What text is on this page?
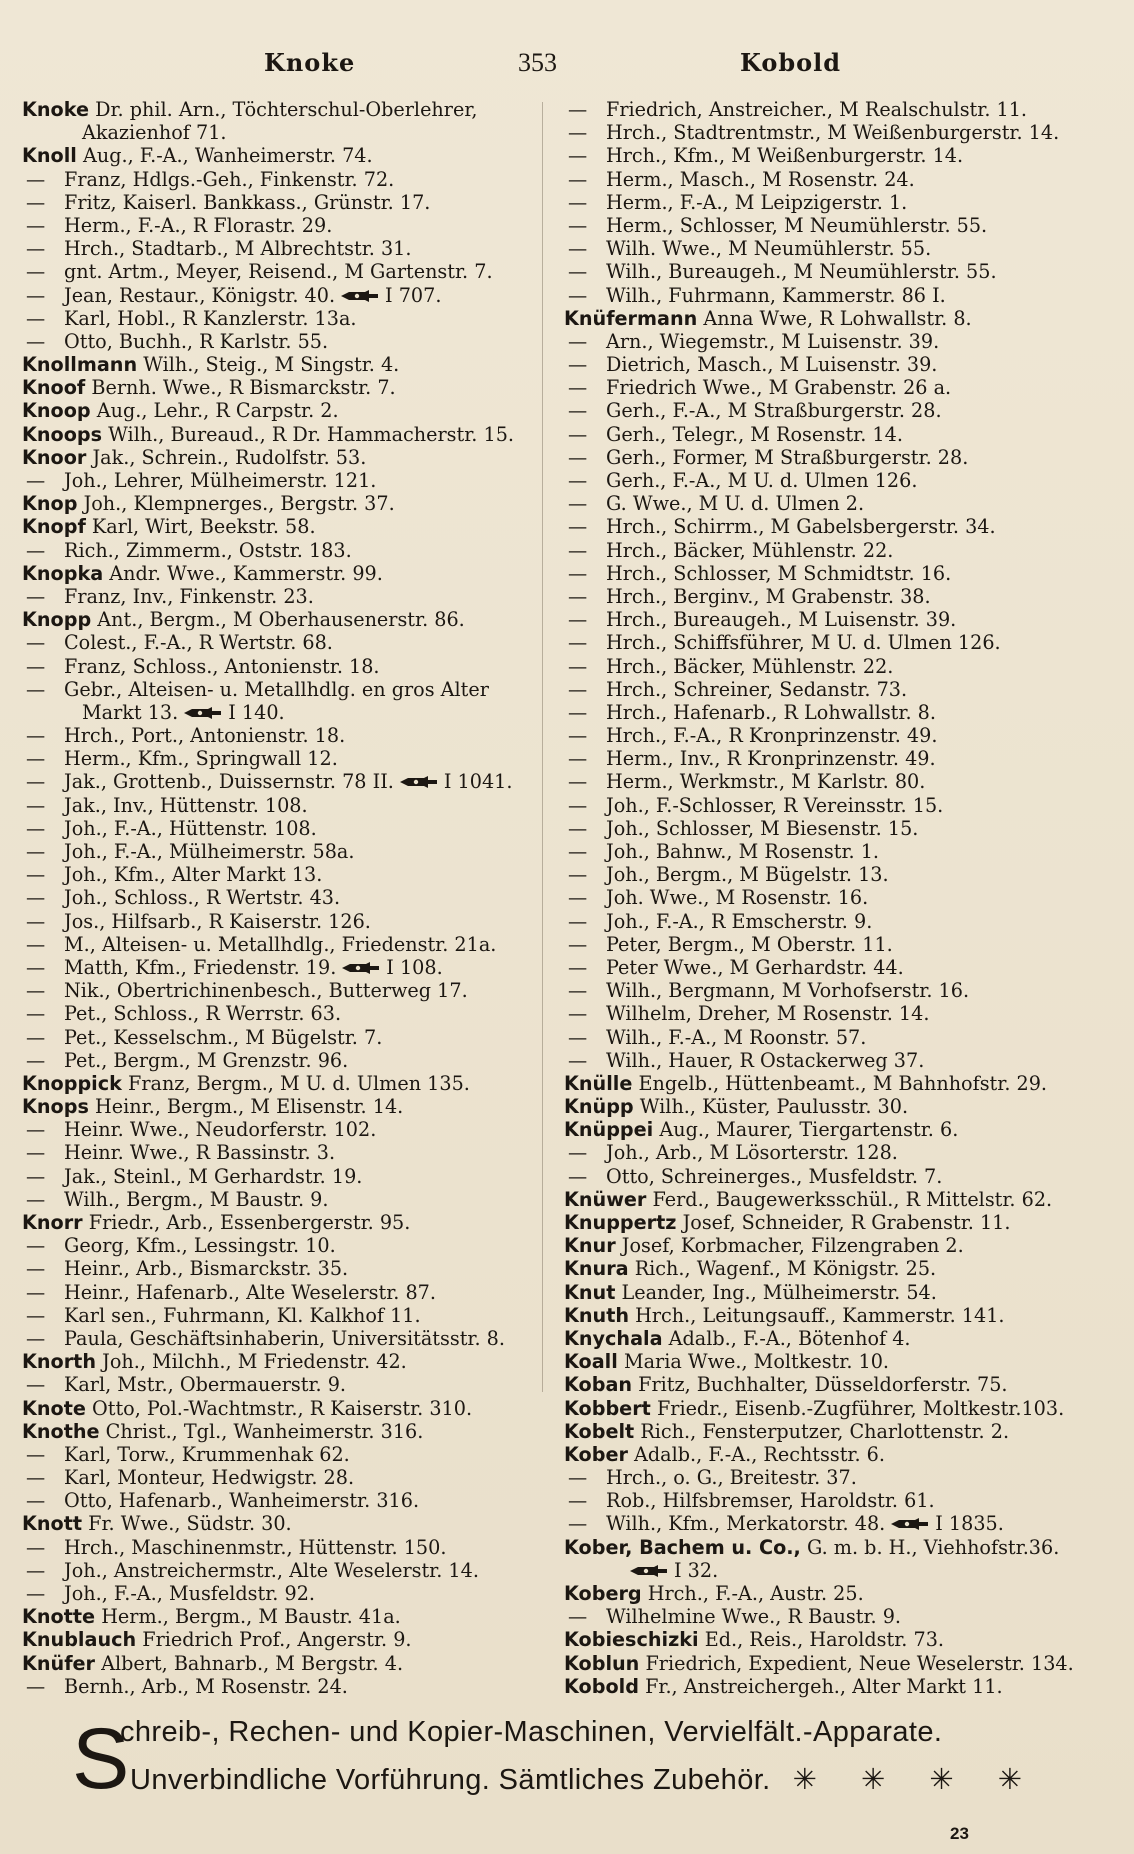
Knoke	353	Kobold
Knoke Dr. phil. Arn., Töchterschul-Oberlehrer,
Akazienhof 71.
Knoll Aug., F.-A., Wanheimerstr. 74.
— Franz, Hdlgs.-Geh., Finkenstr. 72.
— Fritz, Kaiserl. Bankkass., Grünstr. 17.
— Herm., F.-A., R Florastr. 29.
— Hrch., Stadtarb., M Albrechtstr. 31.
— gnt. Artm., Meyer, Reisend., M Gartenstr. 7.
— Jean, Restaur., Königstr. 40.	I 707.
— Karl, Hobl., R Kanzlerstr. 13a.
— Otto, Buchh., R Karlstr. 55.
Knollmann Wilh., Steig., M Singstr. 4.
Knoof Bernh. Wwe., R Bismarckstr. 7.
Knoop Aug., Lehr., R Carpstr. 2.
Knoops Wilh., Bureaud., R Dr. Hammacherstr. 15.
Knoor Jak., Schrein., Rudolfstr. 53.
— Joh., Lehrer, Mülheimerstr. 121.
Knop Joh., Klempnerges., Bergstr. 37.
Knopf Karl, Wirt, Beekstr. 58.
— Rich., Zimmerm., Oststr. 183.
Knopka Andr. Wwe., Kammerstr. 99.
— Franz, Inv., Finkenstr. 23.
Knopp Ant., Bergm., M Oberhausenerstr. 86.
— Colest., F.-A., R Wertstr. 68.
— Franz, Schloss., Antonienstr. 18.
— Gebr., Alteisen- u. Metallhdlg. en gros Alter
Markt 13.	I 140.
— Hrch., Port., Antonienstr. 18.
— Herm., Kfm., Springwall 12.
— Jak., Grottenb., Duissernstr. 78 II.	I 1041.
— Jak., Inv., Hüttenstr. 108.
— Joh., F.-A., Hüttenstr. 108.
— Joh., F.-A., Mülheimerstr. 58a.
— Joh., Kfm., Alter Markt 13.
— Joh., Schloss., R Wertstr. 43.
— Jos., Hilfsarb., R Kaiserstr. 126.
— M., Alteisen- u. Metallhdlg., Friedenstr. 21a.
— Matth, Kfm., Friedenstr. 19.	I 108.
— Nik., Obertrichinenbesch., Butterweg 17.
— Pet., Schloss., R Werrstr. 63.
— Pet., Kesselschm., M Bügelstr. 7.
— Pet., Bergm., M Grenzstr. 96.
Knoppick Franz, Bergm., M U. d. Ulmen 135.
Knops Heinr., Bergm., M Elisenstr. 14.
— Heinr. Wwe., Neudorferstr. 102.
— Heinr. Wwe., R Bassinstr. 3.
— Jak., Steinl., M Gerhardstr. 19.
— Wilh., Bergm., M Baustr. 9.
Knorr Friedr., Arb., Essenbergerstr. 95.
— Georg, Kfm., Lessingstr. 10.
— Heinr., Arb., Bismarckstr. 35.
— Heinr., Hafenarb., Alte Weselerstr. 87.
— Karl sen., Fuhrmann, Kl. Kalkhof 11.
— Paula, Geschäftsinhaberin, Universitätsstr. 8.
Knorth Joh., Milchh., M Friedenstr. 42.
— Karl, Mstr., Obermauerstr. 9.
Knote Otto, Pol.-Wachtmstr., R Kaiserstr. 310.
Knothe Christ., Tgl., Wanheimerstr. 316.
— Karl, Torw., Krummenhak 62.
— Karl, Monteur, Hedwigstr. 28.
— Otto, Hafenarb., Wanheimerstr. 316.
Knott Fr. Wwe., Südstr. 30.
— Hrch., Maschinenmstr., Hüttenstr. 150.
— Joh., Anstreichermstr., Alte Weselerstr. 14.
— Joh., F.-A., Musfeldstr. 92.
Knotte Herm., Bergm., M Baustr. 41a.
Knublauch Friedrich Prof., Angerstr. 9.
Knüfer Albert, Bahnarb., M Bergstr. 4.
— Bernh., Arb., M Rosenstr. 24.
— Friedrich, Anstreicher., M Realschulstr. 11.
— Hrch., Stadtrentmstr., M Weißenburgerstr. 14.
— Hrch., Kfm., M Weißenburgerstr. 14.
— Herm., Masch., M Rosenstr. 24.
— Herm., F.-A., M Leipzigerstr. 1.
— Herm., Schlosser, M Neumühlerstr. 55.
— Wilh. Wwe., M Neumühlerstr. 55.
— Wilh., Bureaugeh., M Neumühlerstr. 55.
— Wilh., Fuhrmann, Kammerstr. 86 I.
Knüfermann Anna Wwe, R Lohwallstr. 8.
— Arn., Wiegemstr., M Luisenstr. 39.
— Dietrich, Masch., M Luisenstr. 39.
— Friedrich Wwe., M Grabenstr. 26 a.
— Gerh., F.-A., M Straßburgerstr. 28.
— Gerh., Telegr., M Rosenstr. 14.
— Gerh., Former, M Straßburgerstr. 28.
— Gerh., F.-A., M U. d. Ulmen 126.
— G. Wwe., M U. d. Ulmen 2.
— Hrch., Schirrm., M Gabelsbergerstr. 34.
— Hrch., Bäcker, Mühlenstr. 22.
— Hrch., Schlosser, M Schmidtstr. 16.
— Hrch., Berginv., M Grabenstr. 38.
— Hrch., Bureaugeh., M Luisenstr. 39.
— Hrch., Schiffsführer, M U. d. Ulmen 126.
— Hrch., Bäcker, Mühlenstr. 22.
— Hrch., Schreiner, Sedanstr. 73.
— Hrch., Hafenarb., R Lohwallstr. 8.
— Hrch., F.-A., R Kronprinzenstr. 49.
— Herm., Inv., R Kronprinzenstr. 49.
— Herm., Werkmstr., M Karlstr. 80.
— Joh., F.-Schlosser, R Vereinsstr. 15.
— Joh., Schlosser, M Biesenstr. 15.
— Joh., Bahnw., M Rosenstr. 1.
— Joh., Bergm., M Bügelstr. 13.
— Joh. Wwe., M Rosenstr. 16.
— Joh., F.-A., R Emscherstr. 9.
— Peter, Bergm., M Oberstr. 11.
— Peter Wwe., M Gerhardstr. 44.
— Wilh., Bergmann, M Vorhofserstr. 16.
— Wilhelm, Dreher, M Rosenstr. 14.
— Wilh., F.-A., M Roonstr. 57.
— Wilh., Hauer, R Ostackerweg 37.
Knülle Engelb., Hüttenbeamt., M Bahnhofstr. 29.
Knüpp Wilh., Küster, Paulusstr. 30.
Knüppei Aug., Maurer, Tiergartenstr. 6.
— Joh., Arb., M Lösorterstr. 128.
— Otto, Schreinerges., Musfeldstr. 7.
Knüwer Ferd., Baugewerksschül., R Mittelstr. 62.
Knuppertz Josef, Schneider, R Grabenstr. 11.
Knur Josef, Korbmacher, Filzengraben 2.
Knura Rich., Wagenf., M Königstr. 25.
Knut Leander, Ing., Mülheimerstr. 54.
Knuth Hrch., Leitungsauff., Kammerstr. 141.
Knychala Adalb., F.-A., Bötenhof 4.
Koall Maria Wwe., Moltkestr. 10.
Koban Fritz, Buchhalter, Düsseldorferstr. 75.
Kobbert Friedr., Eisenb.-Zugführer, Moltkestr.103.
Kobelt Rich., Fensterputzer, Charlottenstr. 2.
Kober Adalb., F.-A., Rechtsstr. 6.
— Hrch., o. G., Breitestr. 37.
— Rob., Hilfsbremser, Haroldstr. 61.
— Wilh., Kfm., Merkatorstr. 48.	I 1835.
Kober, Bachem u. Co., G. m. b. H., Viehhofstr.36.
I 32.
Koberg Hrch., F.-A., Austr. 25.
— Wilhelmine Wwe., R Baustr. 9.
Kobieschizki Ed., Reis., Haroldstr. 73.
Koblun Friedrich, Expedient, Neue Weselerstr. 134.
Kobold Fr., Anstreichergeh., Alter Markt 11.
S
chreib-, Rechen- und Kopier-Maschinen, Vervielfält.-Apparate.
Unverbindliche Vorführung. Sämtliches Zubehör. ✳ ✳ ✳ ✳
23
